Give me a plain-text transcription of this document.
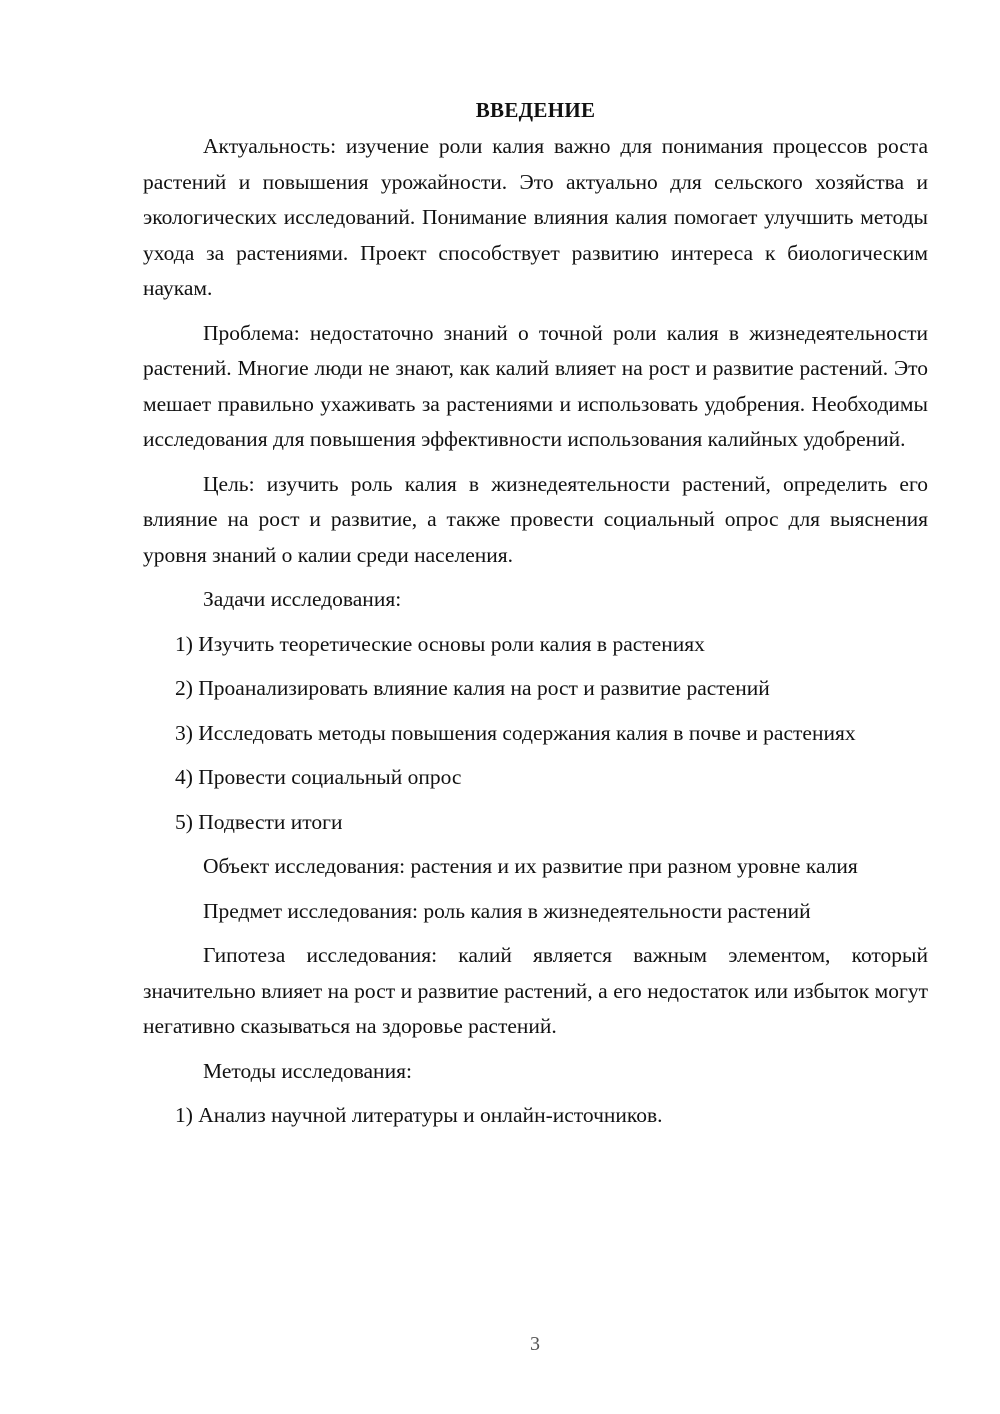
ВВЕДЕНИЕ

Актуальность: изучение роли калия важно для понимания процессов роста растений и повышения урожайности. Это актуально для сельского хозяйства и экологических исследований. Понимание влияния калия помогает улучшить методы ухода за растениями. Проект способствует развитию интереса к биологическим наукам.

Проблема: недостаточно знаний о точной роли калия в жизнедеятельности растений. Многие люди не знают, как калий влияет на рост и развитие растений. Это мешает правильно ухаживать за растениями и использовать удобрения. Необходимы исследования для повышения эффективности использования калийных удобрений.

Цель: изучить роль калия в жизнедеятельности растений, определить его влияние на рост и развитие, а также провести социальный опрос для выяснения уровня знаний о калии среди населения.

Задачи исследования:

1) Изучить теоретические основы роли калия в растениях

2) Проанализировать влияние калия на рост и развитие растений

3) Исследовать методы повышения содержания калия в почве и растениях

4) Провести социальный опрос

5) Подвести итоги

Объект исследования: растения и их развитие при разном уровне калия

Предмет исследования: роль калия в жизнедеятельности растений

Гипотеза исследования: калий является важным элементом, который значительно влияет на рост и развитие растений, а его недостаток или избыток могут негативно сказываться на здоровье растений.

Методы исследования:

1) Анализ научной литературы и онлайн-источников.

3
